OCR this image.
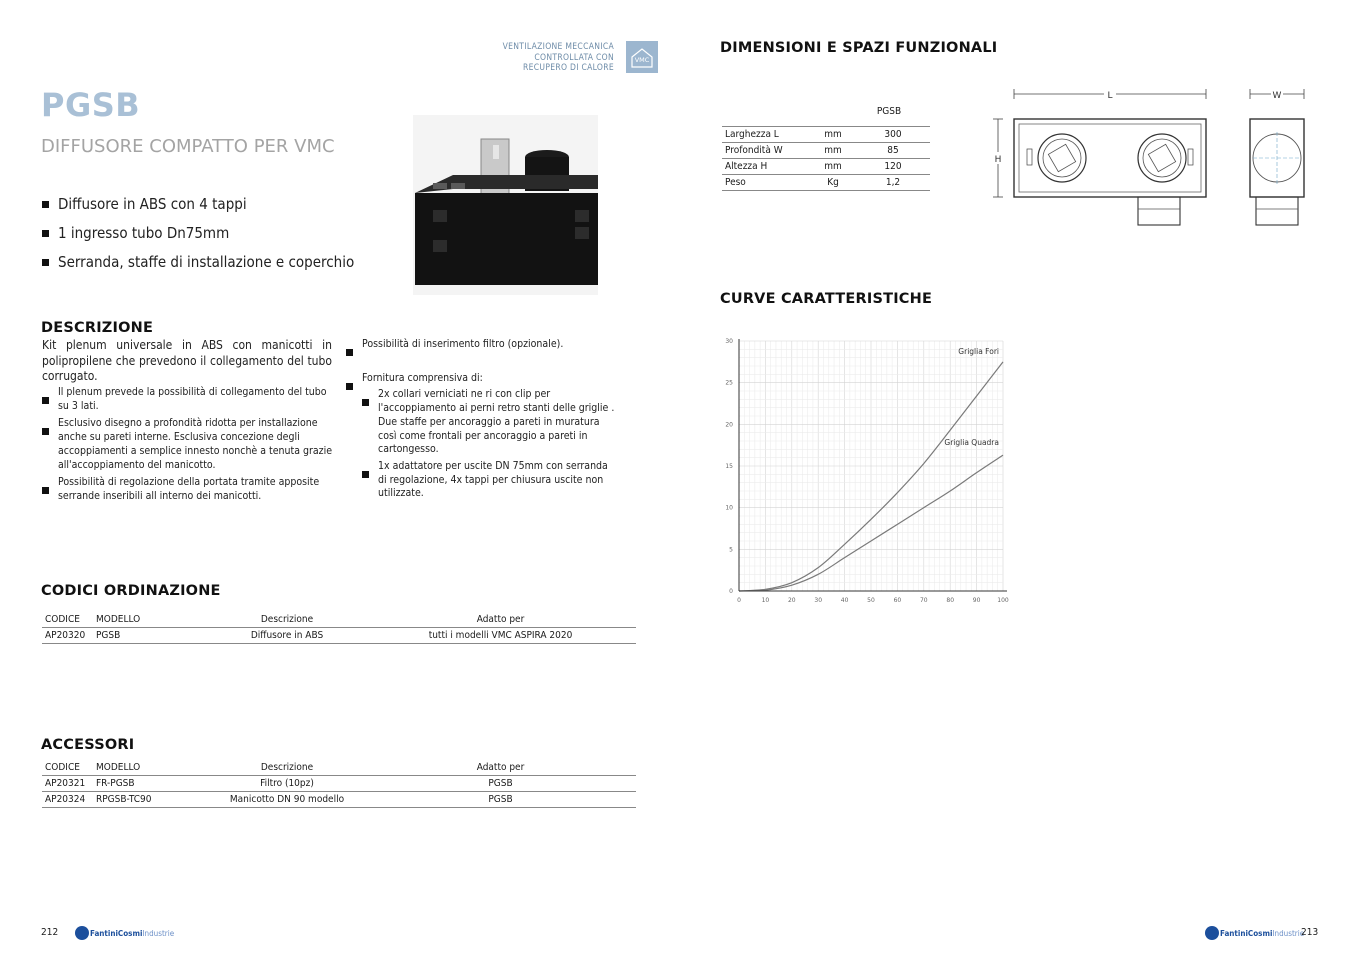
VENTILAZIONE MECCANICA
CONTROLLATA CON
RECUPERO DI CALORE
VMC
PGSB
DIFFUSORE COMPATTO PER VMC
Diffusore in ABS con 4 tappi
1 ingresso tubo Dn75mm
Serranda, staffe di installazione e coperchio
DESCRIZIONE
Kit plenum universale in ABS con manicotti in polipropilene che prevedono il collegamento del tubo corrugato.
Il plenum prevede la possibilità di collegamento del tubo su 3 lati.
Esclusivo disegno a profondità ridotta per installazione anche su pareti interne. Esclusiva concezione degli accoppiamenti a semplice innesto nonchè a tenuta grazie all'accoppiamento del manicotto.
Possibilità di regolazione della portata tramite apposite serrande inseribili all interno dei manicotti.
Possibilità di inserimento filtro (opzionale).
Fornitura comprensiva di:
2x collari verniciati ne ri con clip per l'accoppiamento ai perni retro stanti delle griglie . Due staffe per ancoraggio a pareti in muratura così come frontali per ancoraggio a pareti in cartongesso.
1x adattatore per uscite DN 75mm con serranda di regolazione, 4x tappi per chiusura uscite non utilizzate.
CODICI ORDINAZIONE
CODICE	MODELLO	Descrizione	Adatto per
AP20320	PGSB	Diffusore in ABS	tutti i modelli VMC ASPIRA 2020
ACCESSORI
CODICE	MODELLO	Descrizione	Adatto per
AP20321	FR-PGSB	Filtro (10pz)	PGSB
AP20324	RPGSB-TC90	Manicotto DN 90 modello	PGSB
212	FantiniCosmi Industrie
DIMENSIONI E SPAZI FUNZIONALI
PGSB
Larghezza L	mm	300
Profondità W	mm	85
Altezza H	mm	120
Peso	Kg	1,2
L
H
W
CURVE CARATTERISTICHE
0
5
10
15
20
25
30
0	10	20	30	40	50	60	70	80	90	100
Griglia Fori
Griglia Quadra
FantiniCosmi Industrie
213
